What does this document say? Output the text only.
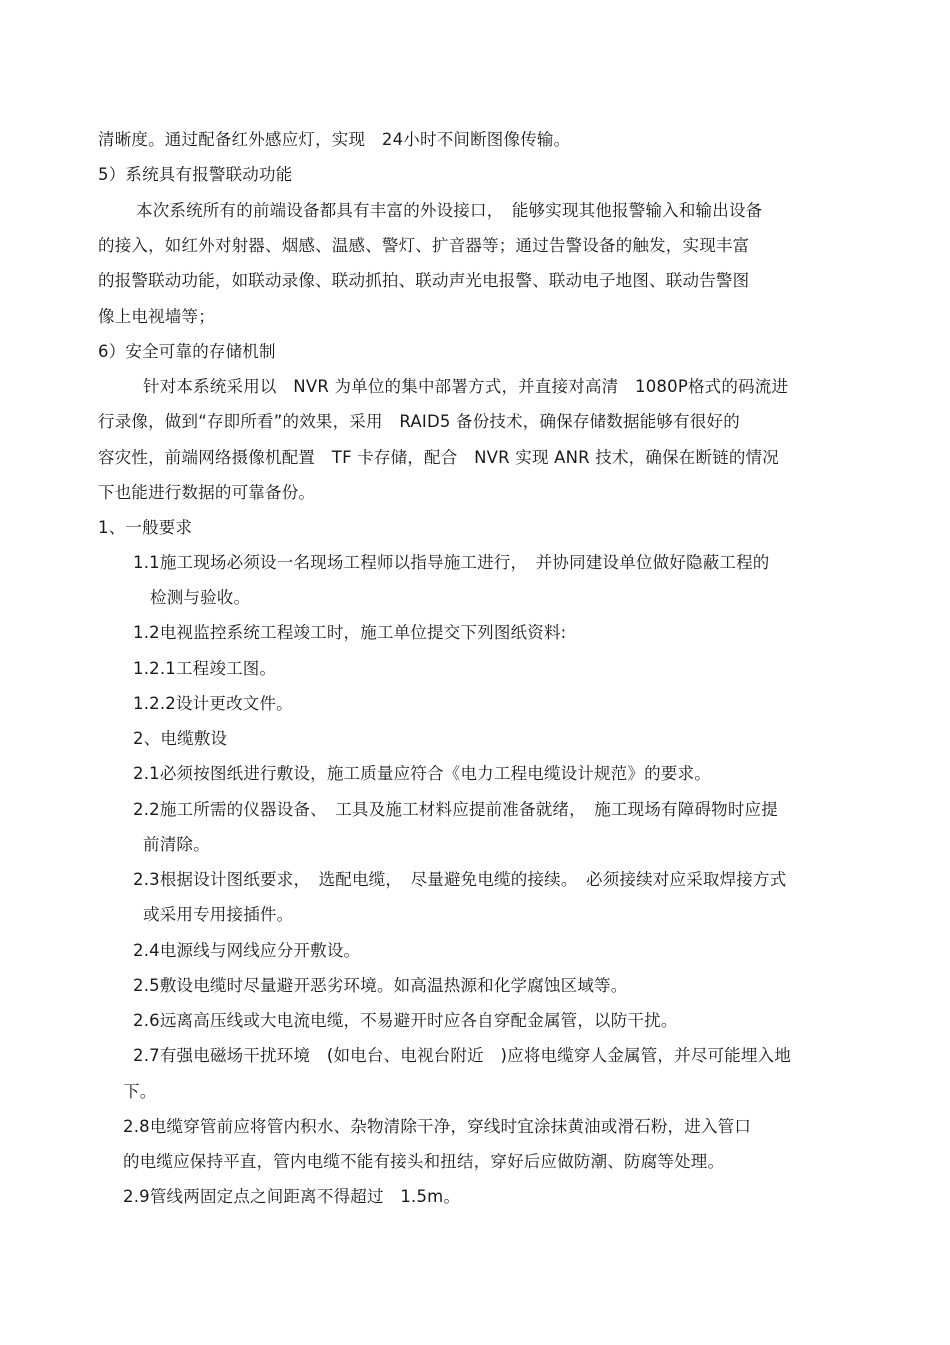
清晰度。通过配备红外感应灯，实现　24小时不间断图像传输。
5）系统具有报警联动功能
本次系统所有的前端设备都具有丰富的外设接口，　能够实现其他报警输入和输出设备
的接入，如红外对射器、烟感、温感、警灯、扩音器等；通过告警设备的触发，实现丰富
的报警联动功能，如联动录像、联动抓拍、联动声光电报警、联动电子地图、联动告警图
像上电视墙等；
6）安全可靠的存储机制
针对本系统采用以　NVR 为单位的集中部署方式，并直接对高清　1080P格式的码流进
行录像，做到“存即所看”的效果，采用　RAID5 备份技术，确保存储数据能够有很好的
容灾性，前端网络摄像机配置　TF 卡存储，配合　NVR 实现 ANR 技术，确保在断链的情况
下也能进行数据的可靠备份。
1、一般要求
1.1施工现场必须设一名现场工程师以指导施工进行，　并协同建设单位做好隐蔽工程的
检测与验收。
1.2电视监控系统工程竣工时，施工单位提交下列图纸资料:
1.2.1工程竣工图。
1.2.2设计更改文件。
2、电缆敷设
2.1必须按图纸进行敷设，施工质量应符合《电力工程电缆设计规范》的要求。
2.2施工所需的仪器设备、　工具及施工材料应提前准备就绪，　施工现场有障碍物时应提
前清除。
2.3根据设计图纸要求，　选配电缆，　尽量避免电缆的接续。　必须接续对应采取焊接方式
或采用专用接插件。
2.4电源线与网线应分开敷设。
2.5敷设电缆时尽量避开恶劣环境。如高温热源和化学腐蚀区域等。
2.6远离高压线或大电流电缆，不易避开时应各自穿配金属管，以防干扰。
2.7有强电磁场干扰环境　(如电台、电视台附近　)应将电缆穿人金属管，并尽可能埋入地
下。
2.8电缆穿管前应将管内积水、杂物清除干净，穿线时宜涂抹黄油或滑石粉，进入管口
的电缆应保持平直，管内电缆不能有接头和扭结，穿好后应做防潮、防腐等处理。
2.9管线两固定点之间距离不得超过　1.5m。
